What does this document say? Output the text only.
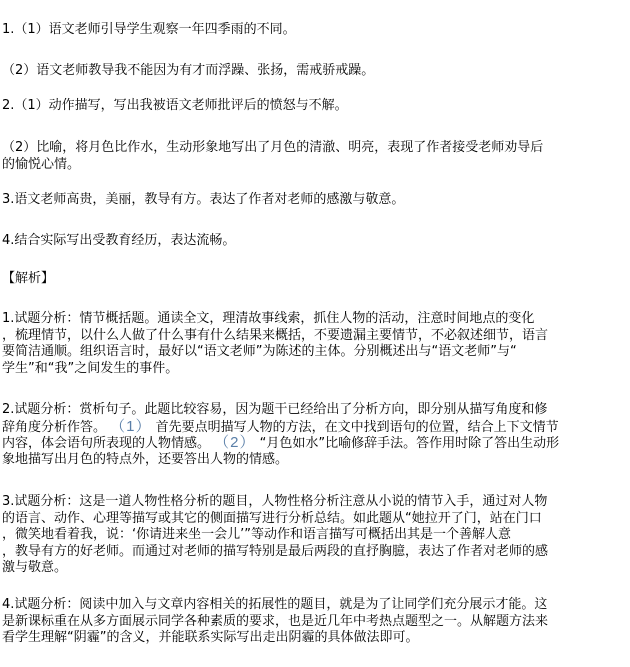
1.（1）语文老师引导学生观察一年四季雨的不同。
（2）语文老师教导我不能因为有才而浮躁、张扬，需戒骄戒躁。
2.（1）动作描写，写出我被语文老师批评后的愤怒与不解。
（2）比喻，将月色比作水，生动形象地写出了月色的清澈、明亮，表现了作者接受老师劝导后
的愉悦心情。
3.语文老师高贵，美丽，教导有方。表达了作者对老师的感激与敬意。
4.结合实际写出受教育经历，表达流畅。
【解析】
1.试题分析：情节概括题。通读全文，理清故事线索，抓住人物的活动，注意时间地点的变化
，梳理情节，以什么人做了什么事有什么结果来概括，不要遗漏主要情节，不必叙述细节，语言
要简洁通顺。组织语言时，最好以“语文老师”为陈述的主体。分别概述出与“语文老师”与“
学生”和“我”之间发生的事件。
2.试题分析：赏析句子。此题比较容易，因为题干已经给出了分析方向，即分别从描写角度和修
辞角度分析作答。 （1） 首先要点明描写人物的方法，在文中找到语句的位置，结合上下文情节
内容，体会语句所表现的人物情感。 （2） “月色如水”比喻修辞手法。答作用时除了答出生动形
象地描写出月色的特点外，还要答出人物的情感。
3.试题分析：这是一道人物性格分析的题目，人物性格分析注意从小说的情节入手，通过对人物
的语言、动作、心理等描写或其它的侧面描写进行分析总结。如此题从“她拉开了门，站在门口
，微笑地看着我，说：‘你请进来坐一会儿’”等动作和语言描写可概括出其是一个善解人意
，教导有方的好老师。而通过对老师的描写特别是最后两段的直抒胸臆，表达了作者对老师的感
激与敬意。
4.试题分析：阅读中加入与文章内容相关的拓展性的题目，就是为了让同学们充分展示才能。这
是新课标重在从多方面展示同学各种素质的要求，也是近几年中考热点题型之一。从解题方法来
看学生理解“阴霾”的含义，并能联系实际写出走出阴霾的具体做法即可。
